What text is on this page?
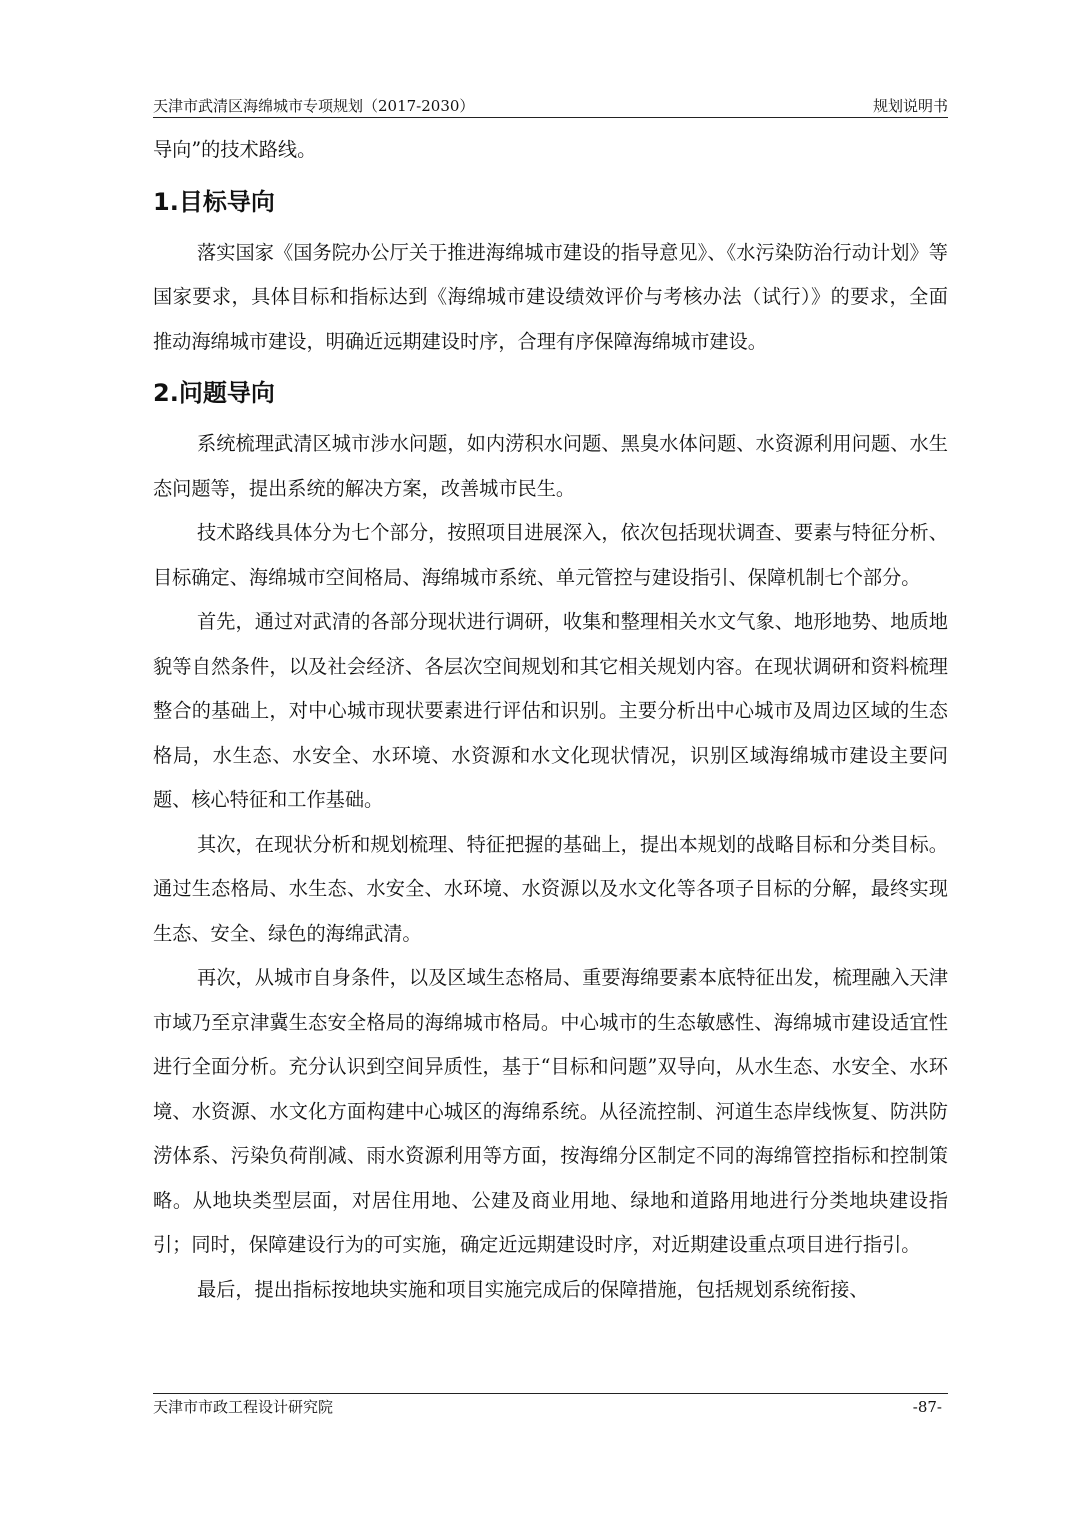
天津市武清区海绵城市专项规划（2017-2030）	规划说明书

导向”的技术路线。

1.目标导向

落实国家《国务院办公厅关于推进海绵城市建设的指导意见》、《水污染防治行动计划》等国家要求，具体目标和指标达到《海绵城市建设绩效评价与考核办法（试行）》的要求，全面推动海绵城市建设，明确近远期建设时序，合理有序保障海绵城市建设。

2.问题导向

系统梳理武清区城市涉水问题，如内涝积水问题、黑臭水体问题、水资源利用问题、水生态问题等，提出系统的解决方案，改善城市民生。

技术路线具体分为七个部分，按照项目进展深入，依次包括现状调查、要素与特征分析、目标确定、海绵城市空间格局、海绵城市系统、单元管控与建设指引、保障机制七个部分。

首先，通过对武清的各部分现状进行调研，收集和整理相关水文气象、地形地势、地质地貌等自然条件，以及社会经济、各层次空间规划和其它相关规划内容。在现状调研和资料梳理整合的基础上，对中心城市现状要素进行评估和识别。主要分析出中心城市及周边区域的生态格局，水生态、水安全、水环境、水资源和水文化现状情况，识别区域海绵城市建设主要问题、核心特征和工作基础。

其次，在现状分析和规划梳理、特征把握的基础上，提出本规划的战略目标和分类目标。通过生态格局、水生态、水安全、水环境、水资源以及水文化等各项子目标的分解，最终实现生态、安全、绿色的海绵武清。

再次，从城市自身条件，以及区域生态格局、重要海绵要素本底特征出发，梳理融入天津市域乃至京津冀生态安全格局的海绵城市格局。中心城市的生态敏感性、海绵城市建设适宜性进行全面分析。充分认识到空间异质性，基于“目标和问题”双导向，从水生态、水安全、水环境、水资源、水文化方面构建中心城区的海绵系统。从径流控制、河道生态岸线恢复、防洪防涝体系、污染负荷削减、雨水资源利用等方面，按海绵分区制定不同的海绵管控指标和控制策略。从地块类型层面，对居住用地、公建及商业用地、绿地和道路用地进行分类地块建设指引；同时，保障建设行为的可实施，确定近远期建设时序，对近期建设重点项目进行指引。

最后，提出指标按地块实施和项目实施完成后的保障措施，包括规划系统衔接、

天津市市政工程设计研究院	-87-
